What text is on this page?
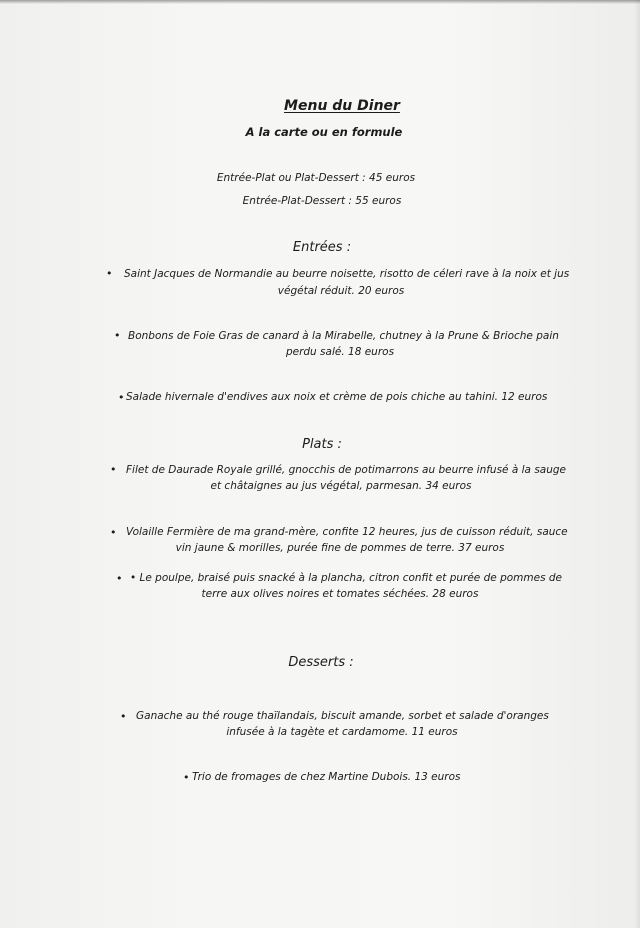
Menu du Diner
A la carte ou en formule
Entrée-Plat ou Plat-Dessert : 45 euros
Entrée-Plat-Dessert : 55 euros
Entrées :
• Saint Jacques de Normandie au beurre noisette, risotto de céleri rave à la noix et jus
végétal réduit. 20 euros
• Bonbons de Foie Gras de canard à la Mirabelle, chutney à la Prune & Brioche pain
perdu salé. 18 euros
• Salade hivernale d'endives aux noix et crème de pois chiche au tahini. 12 euros
Plats :
• Filet de Daurade Royale grillé, gnocchis de potimarrons au beurre infusé à la sauge
et châtaignes au jus végétal, parmesan. 34 euros
• Volaille Fermière de ma grand-mère, confite 12 heures, jus de cuisson réduit, sauce
vin jaune & morilles, purée fine de pommes de terre. 37 euros
• • Le poulpe, braisé puis snacké à la plancha, citron confit et purée de pommes de
terre aux olives noires et tomates séchées. 28 euros
Desserts :
• Ganache au thé rouge thaïlandais, biscuit amande, sorbet et salade d'oranges
infusée à la tagète et cardamome. 11 euros
• Trio de fromages de chez Martine Dubois. 13 euros
